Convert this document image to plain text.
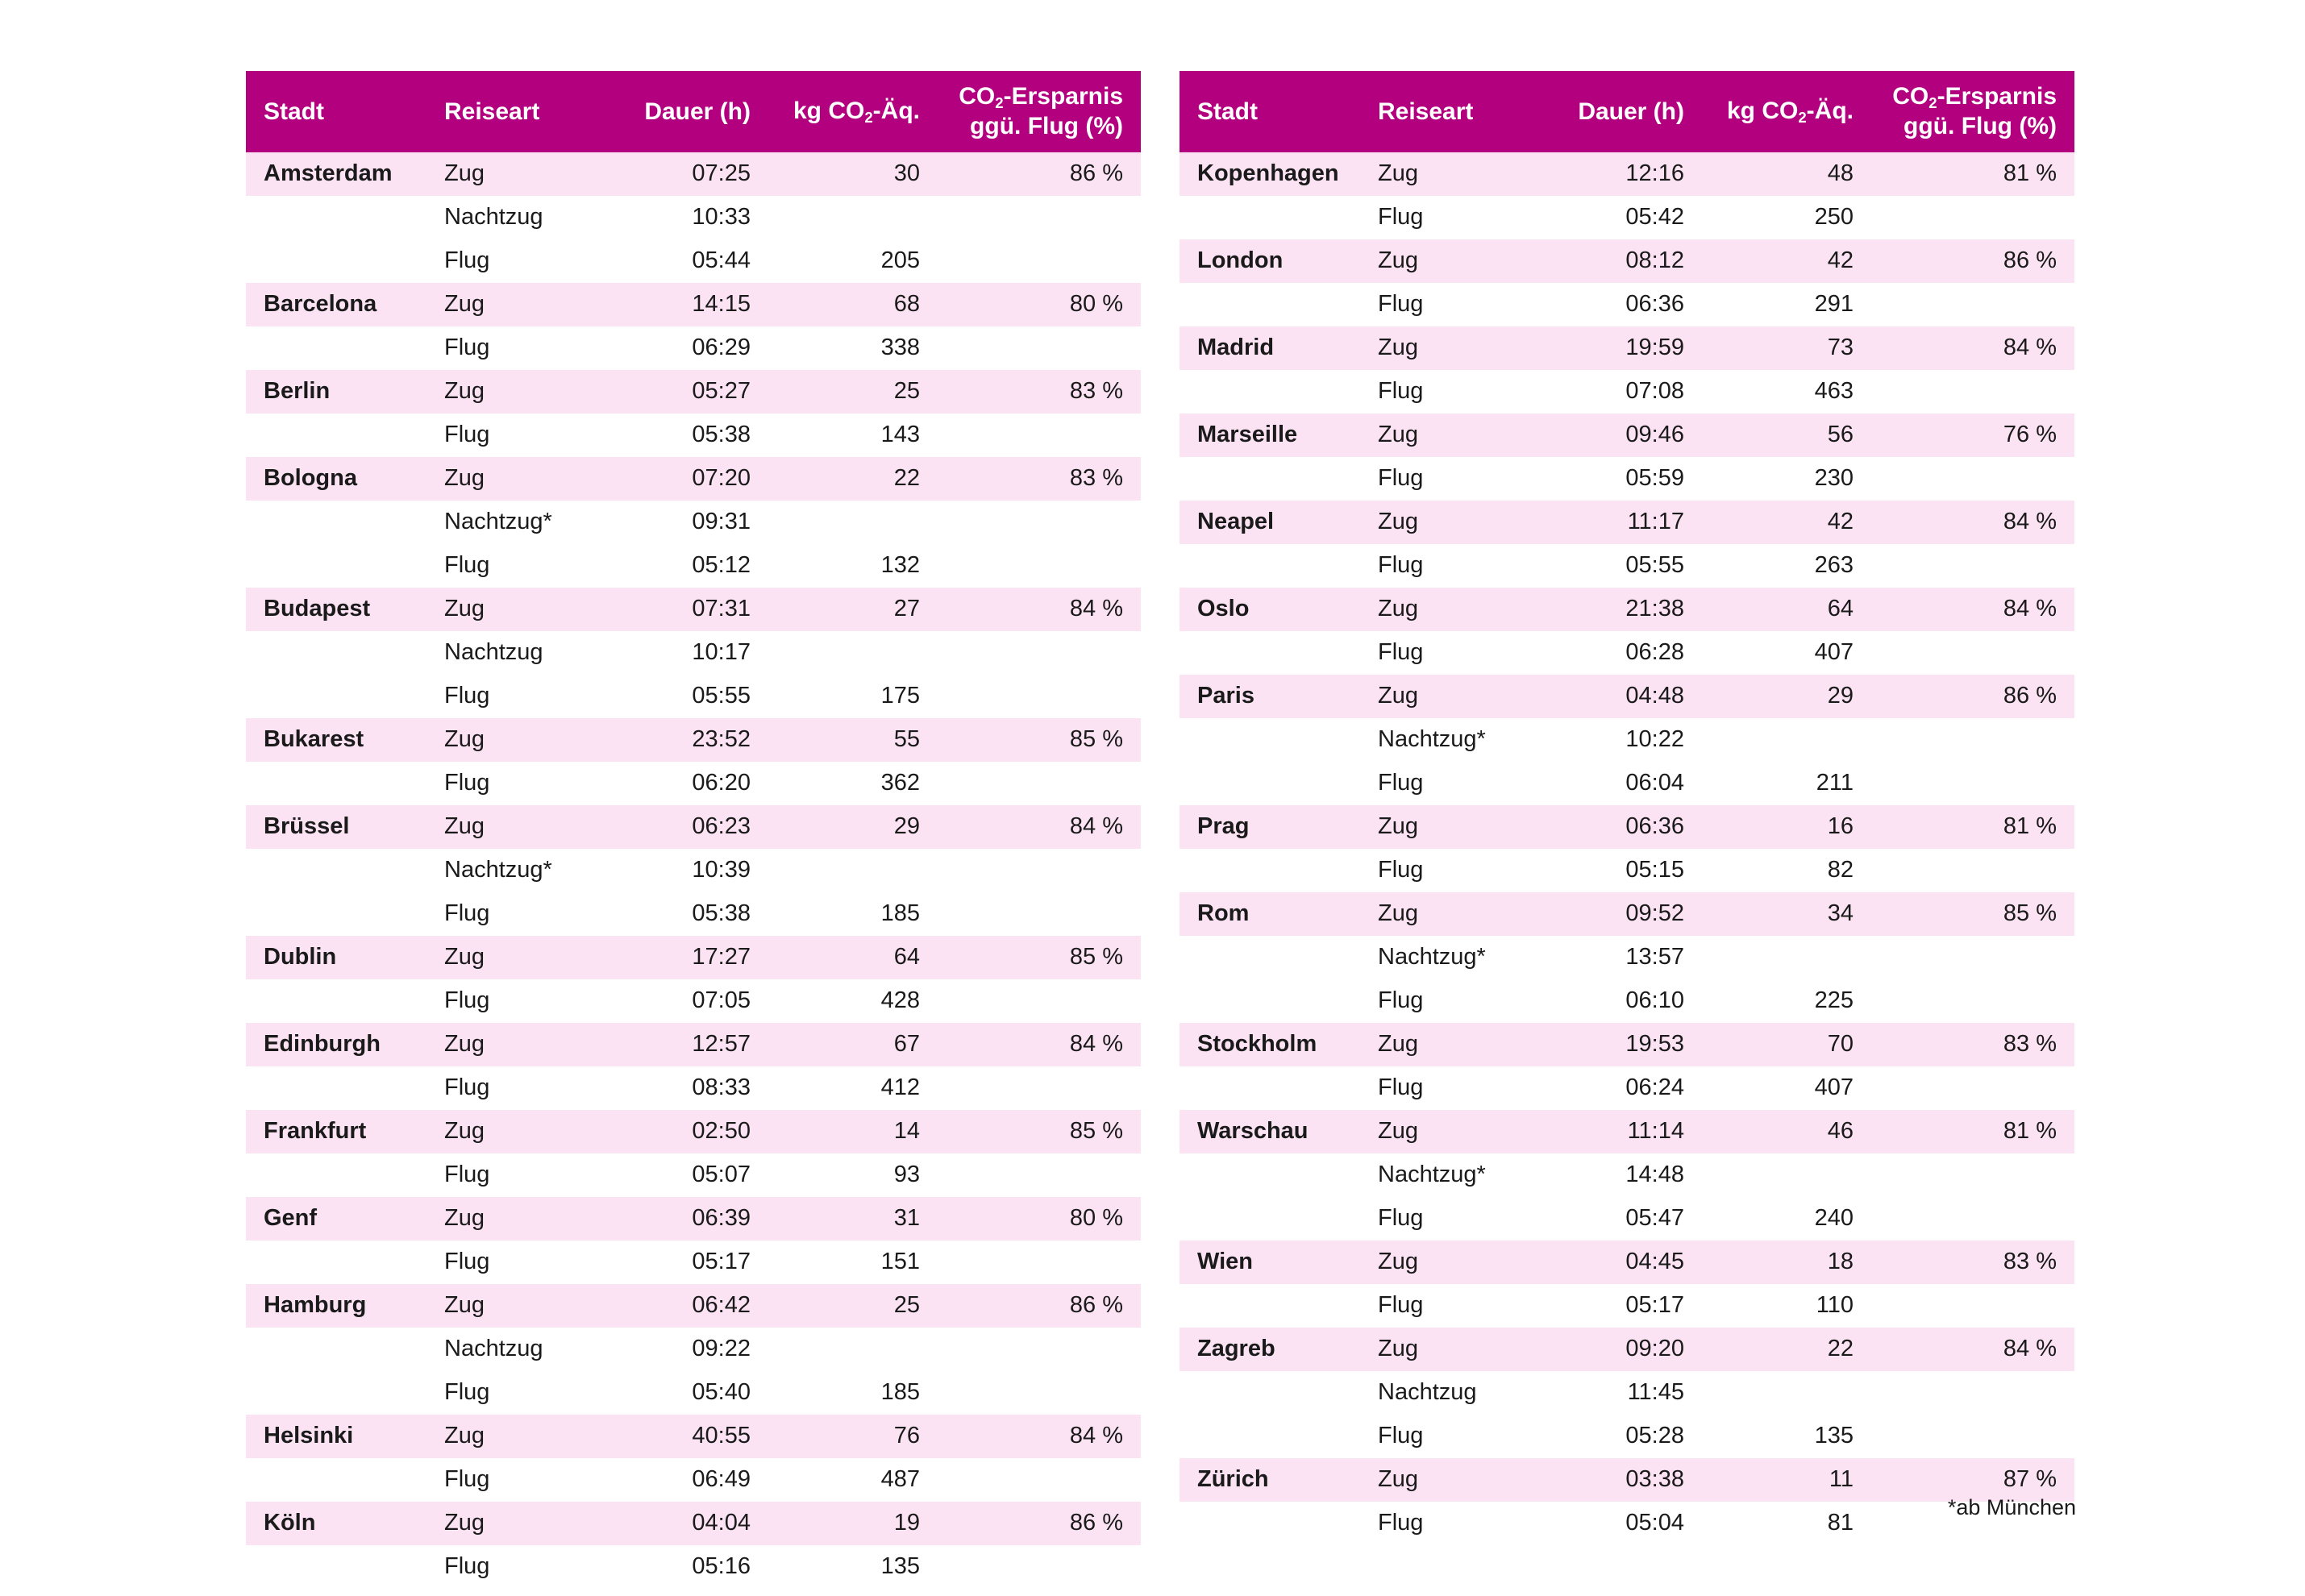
Stadt	Reiseart	Dauer (h)	kg $CO_2-Äq$.	$CO_2$-Ersparnis
ggü. Flug (%)
Amsterdam	Zug	07:25	30	86 %
	Nachtzug	10:33		
	Flug	05:44	205	
Barcelona	Zug	14:15	68	80 %
	Flug	06:29	338	
Berlin	Zug	05:27	25	83 %
	Flug	05:38	143	
Bologna	Zug	07:20	22	83 %
	Nachtzug*	09:31		
	Flug	05:12	132	
Budapest	Zug	07:31	27	84 %
	Nachtzug	10:17		
	Flug	05:55	175	
Bukarest	Zug	23:52	55	85 %
	Flug	06:20	362	
Brüssel	Zug	06:23	29	84 %
	Nachtzug*	10:39		
	Flug	05:38	185	
Dublin	Zug	17:27	64	85 %
	Flug	07:05	428	
Edinburgh	Zug	12:57	67	84 %
	Flug	08:33	412	
Frankfurt	Zug	02:50	14	85 %
	Flug	05:07	93	
Genf	Zug	06:39	31	80 %
	Flug	05:17	151	
Hamburg	Zug	06:42	25	86 %
	Nachtzug	09:22		
	Flug	05:40	185	
Helsinki	Zug	40:55	76	84 %
	Flug	06:49	487	
Köln	Zug	04:04	19	86 %
	Flug	05:16	135	
Stadt	Reiseart	Dauer (h)	kg $CO_2-Äq$.	$CO_2$-Ersparnis
ggü. Flug (%)
Kopenhagen	Zug	12:16	48	81 %
	Flug	05:42	250	
London	Zug	08:12	42	86 %
	Flug	06:36	291	
Madrid	Zug	19:59	73	84 %
	Flug	07:08	463	
Marseille	Zug	09:46	56	76 %
	Flug	05:59	230	
Neapel	Zug	11:17	42	84 %
	Flug	05:55	263	
Oslo	Zug	21:38	64	84 %
	Flug	06:28	407	
Paris	Zug	04:48	29	86 %
	Nachtzug*	10:22		
	Flug	06:04	211	
Prag	Zug	06:36	16	81 %
	Flug	05:15	82	
Rom	Zug	09:52	34	85 %
	Nachtzug*	13:57		
	Flug	06:10	225	
Stockholm	Zug	19:53	70	83 %
	Flug	06:24	407	
Warschau	Zug	11:14	46	81 %
	Nachtzug*	14:48		
	Flug	05:47	240	
Wien	Zug	04:45	18	83 %
	Flug	05:17	110	
Zagreb	Zug	09:20	22	84 %
	Nachtzug	11:45		
	Flug	05:28	135	
Zürich	Zug	03:38	11	87 %
	Flug	05:04	81	
*ab München
